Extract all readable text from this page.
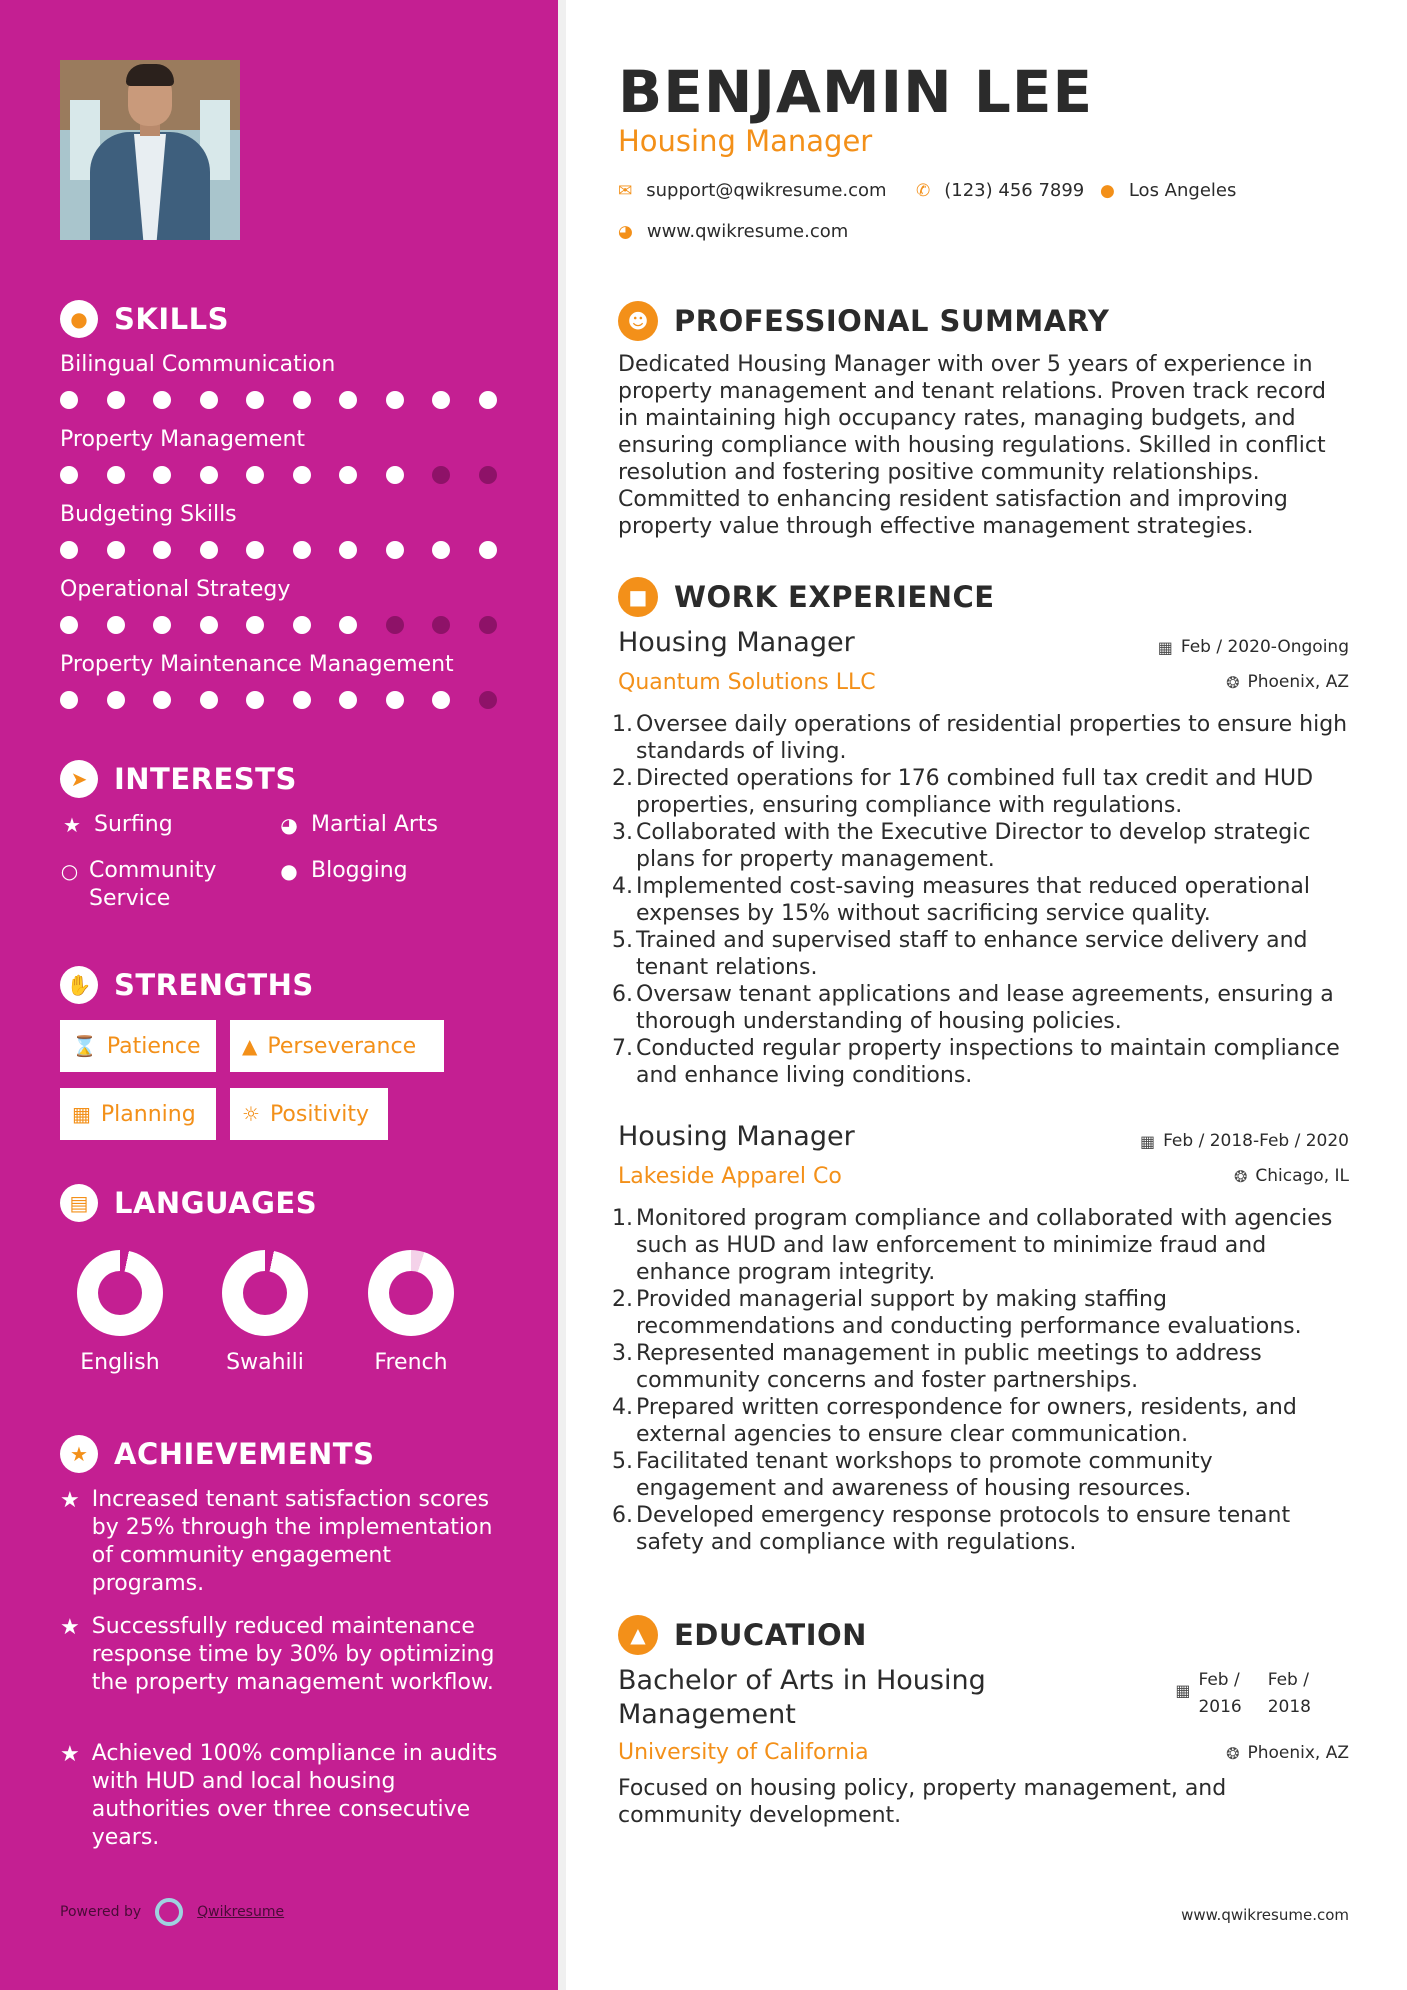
● SKILLS
Bilingual Communication
Property Management
Budgeting Skills
Operational Strategy
Property Maintenance Management
➤ INTERESTS
★ Surfing	◕ Martial Arts
○ Community Service
● Blogging
✋ STRENGTHS
⌛ Patience ▲ Perseverance
▦ Planning ☼ Positivity
▤ LANGUAGES
English	Swahili	French
★ ACHIEVEMENTS
★ Increased tenant satisfaction scores by 25% through the implementation of community engagement programs.
★ Successfully reduced maintenance response time by 30% by optimizing the property management workflow.
★ Achieved 100% compliance in audits with HUD and local housing authorities over three consecutive years.
Powered by	Qwikresume
BENJAMIN LEE
Housing Manager
✉ support@qwikresume.com ✆ (123) 456 7899 ● Los Angeles
◕ www.qwikresume.com
☻ PROFESSIONAL SUMMARY
Dedicated Housing Manager with over 5 years of experience in property management and tenant relations. Proven track record in maintaining high occupancy rates, managing budgets, and ensuring compliance with housing regulations. Skilled in conflict resolution and fostering positive community relationships. Committed to enhancing resident satisfaction and improving property value through effective management strategies.
■ WORK EXPERIENCE
Housing Manager
Quantum Solutions LLC
▦ Feb / 2020-Ongoing
❂ Phoenix, AZ
1. Oversee daily operations of residential properties to ensure high standards of living.
2. Directed operations for 176 combined full tax credit and HUD properties, ensuring compliance with regulations.
3. Collaborated with the Executive Director to develop strategic plans for property management.
4. Implemented cost-saving measures that reduced operational expenses by 15% without sacrificing service quality.
5. Trained and supervised staff to enhance service delivery and tenant relations.
6. Oversaw tenant applications and lease agreements, ensuring a thorough understanding of housing policies.
7. Conducted regular property inspections to maintain compliance and enhance living conditions.
Housing Manager
Lakeside Apparel Co
▦ Feb / 2018-Feb / 2020
❂ Chicago, IL
1. Monitored program compliance and collaborated with agencies such as HUD and law enforcement to minimize fraud and enhance program integrity.
2. Provided managerial support by making staffing recommendations and conducting performance evaluations.
3. Represented management in public meetings to address community concerns and foster partnerships.
4. Prepared written correspondence for owners, residents, and external agencies to ensure clear communication.
5. Facilitated tenant workshops to promote community engagement and awareness of housing resources.
6. Developed emergency response protocols to ensure tenant safety and compliance with regulations.
▲ EDUCATION
Bachelor of Arts in Housing
Management
▦
Feb /
2016
Feb /
2018
University of California	❂ Phoenix, AZ
Focused on housing policy, property management, and community development.
www.qwikresume.com
